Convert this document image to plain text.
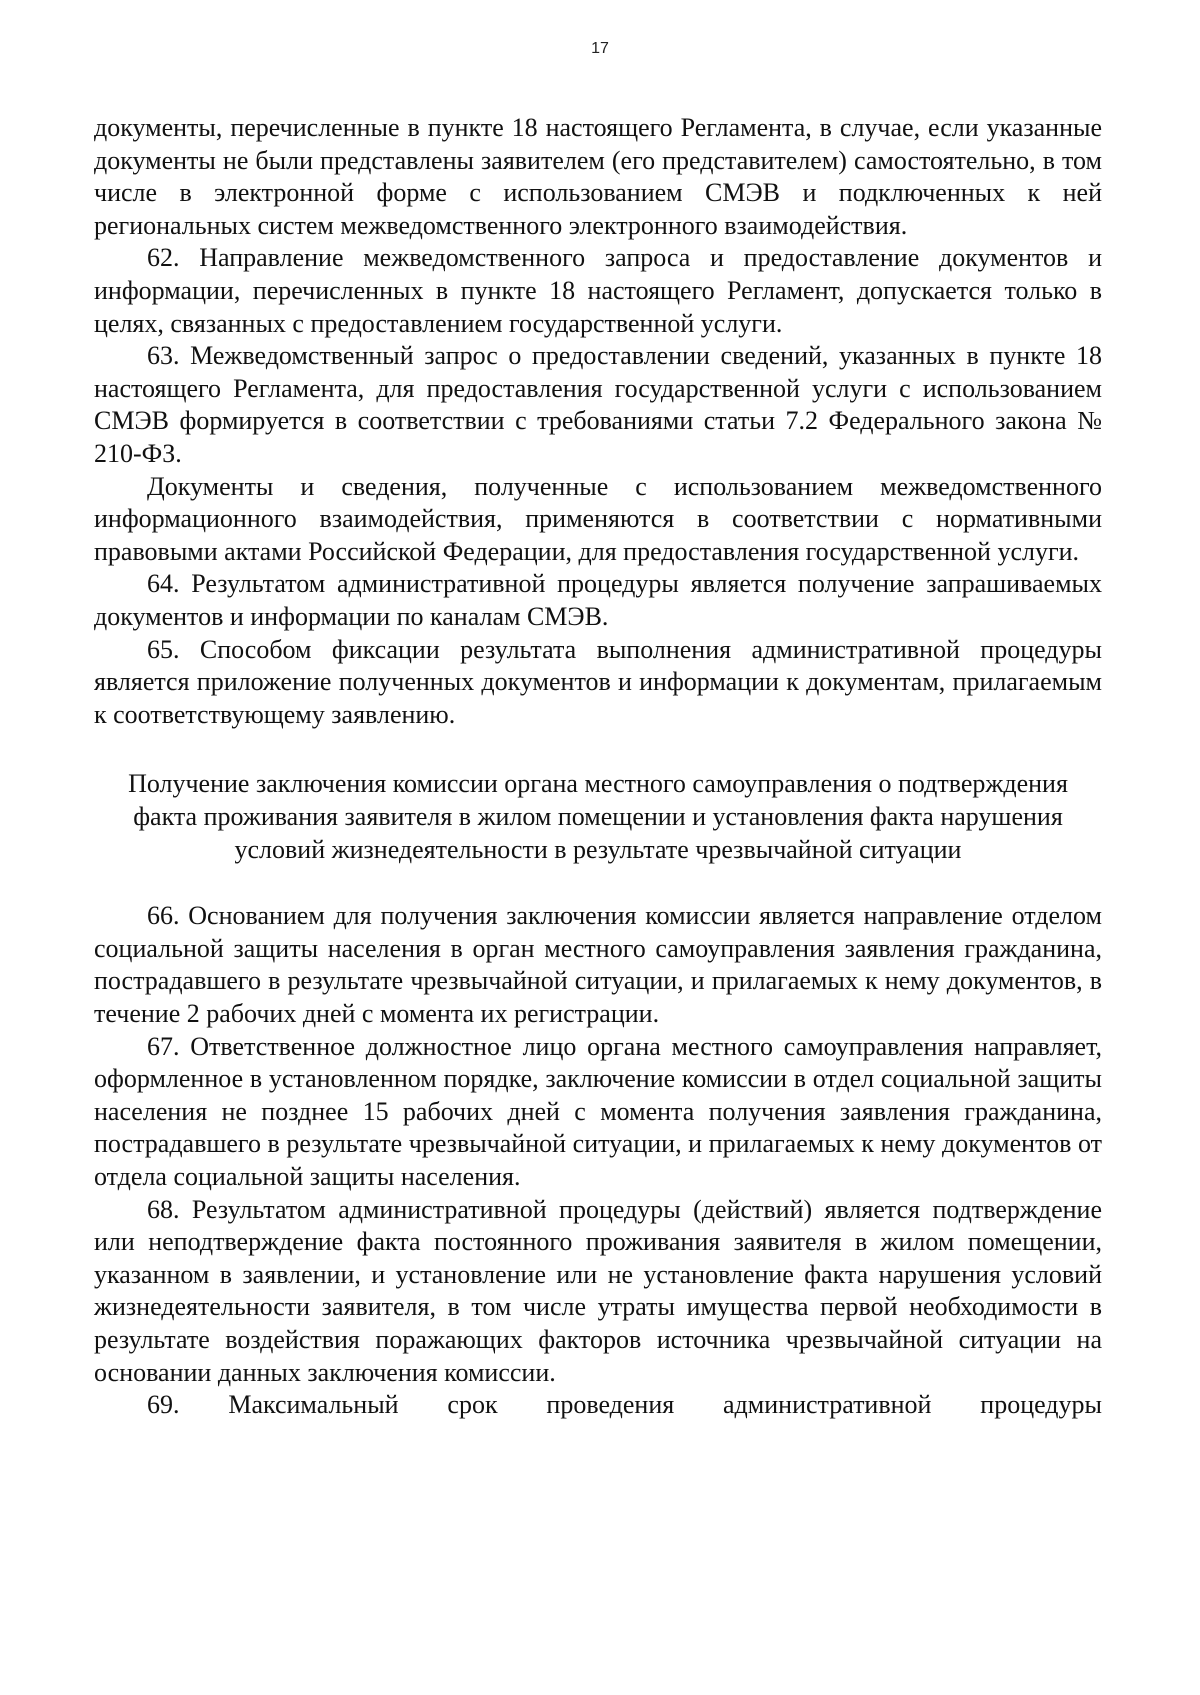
17

документы, перечисленные в пункте 18 настоящего Регламента, в случае, если указанные документы не были представлены заявителем (его представителем) самостоятельно, в том числе в электронной форме с использованием СМЭВ и подключенных к ней региональных систем межведомственного электронного взаимодействия.

62. Направление межведомственного запроса и предоставление документов и информации, перечисленных в пункте 18 настоящего Регламент, допускается только в целях, связанных с предоставлением государственной услуги.

63. Межведомственный запрос о предоставлении сведений, указанных в пункте 18 настоящего Регламента, для предоставления государственной услуги с использованием СМЭВ формируется в соответствии с требованиями статьи 7.2 Федерального закона № 210-ФЗ.

Документы и сведения, полученные с использованием межведомственного информационного взаимодействия, применяются в соответствии с нормативными правовыми актами Российской Федерации, для предоставления государственной услуги.

64. Результатом административной процедуры является получение запрашиваемых документов и информации по каналам СМЭВ.

65. Способом фиксации результата выполнения административной процедуры является приложение полученных документов и информации к документам, прилагаемым к соответствующему заявлению.

Получение заключения комиссии органа местного самоуправления о подтверждения факта проживания заявителя в жилом помещении и установления факта нарушения условий жизнедеятельности в результате чрезвычайной ситуации

66. Основанием для получения заключения комиссии является направление отделом социальной защиты населения в орган местного самоуправления заявления гражданина, пострадавшего в результате чрезвычайной ситуации, и прилагаемых к нему документов, в течение 2 рабочих дней с момента их регистрации.

67. Ответственное должностное лицо органа местного самоуправления направляет, оформленное в установленном порядке, заключение комиссии в отдел социальной защиты населения не позднее 15 рабочих дней с момента получения заявления гражданина, пострадавшего в результате чрезвычайной ситуации, и прилагаемых к нему документов от отдела социальной защиты населения.

68. Результатом административной процедуры (действий) является подтверждение или неподтверждение факта постоянного проживания заявителя в жилом помещении, указанном в заявлении, и установление или не установление факта нарушения условий жизнедеятельности заявителя, в том числе утраты имущества первой необходимости в результате воздействия поражающих факторов источника чрезвычайной ситуации на основании данных заключения комиссии.

69. Максимальный срок проведения административной процедуры
